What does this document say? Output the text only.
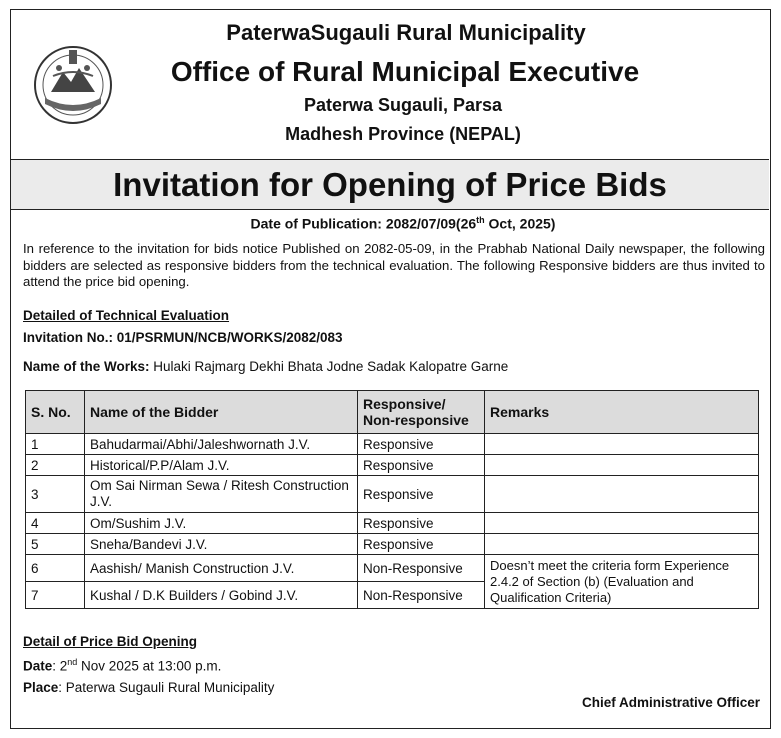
PaterwaSugauli Rural Municipality
Office of Rural Municipal Executive
Paterwa Sugauli, Parsa
Madhesh Province (NEPAL)
Invitation for Opening of Price Bids
Date of Publication: 2082/07/09(26th Oct, 2025)
In reference to the invitation for bids notice Published on 2082-05-09, in the Prabhab National Daily newspaper, the following bidders are selected as responsive bidders from the technical evaluation. The following Responsive bidders are thus invited to attend the price bid opening.
Detailed of Technical Evaluation
Invitation No.: 01/PSRMUN/NCB/WORKS/2082/083
Name of the Works: Hulaki Rajmarg Dekhi Bhata Jodne Sadak Kalopatre Garne
S. No.	Name of the Bidder	Responsive/ Non-responsive	Remarks
1	Bahudarmai/Abhi/Jaleshwornath J.V.	Responsive	
2	Historical/P.P/Alam J.V.	Responsive	
3	Om Sai Nirman Sewa / Ritesh Construction J.V.	Responsive	
4	Om/Sushim J.V.	Responsive	
5	Sneha/Bandevi J.V.	Responsive	
6	Aashish/ Manish Construction J.V.	Non-Responsive	Doesn’t meet the criteria form Experience 2.4.2 of Section (b) (Evaluation and Qualification Criteria)
7	Kushal / D.K Builders / Gobind J.V.	Non-Responsive	
Detail of Price Bid Opening
Date: 2nd Nov 2025 at 13:00 p.m.
Place: Paterwa Sugauli Rural Municipality
Chief Administrative Officer
